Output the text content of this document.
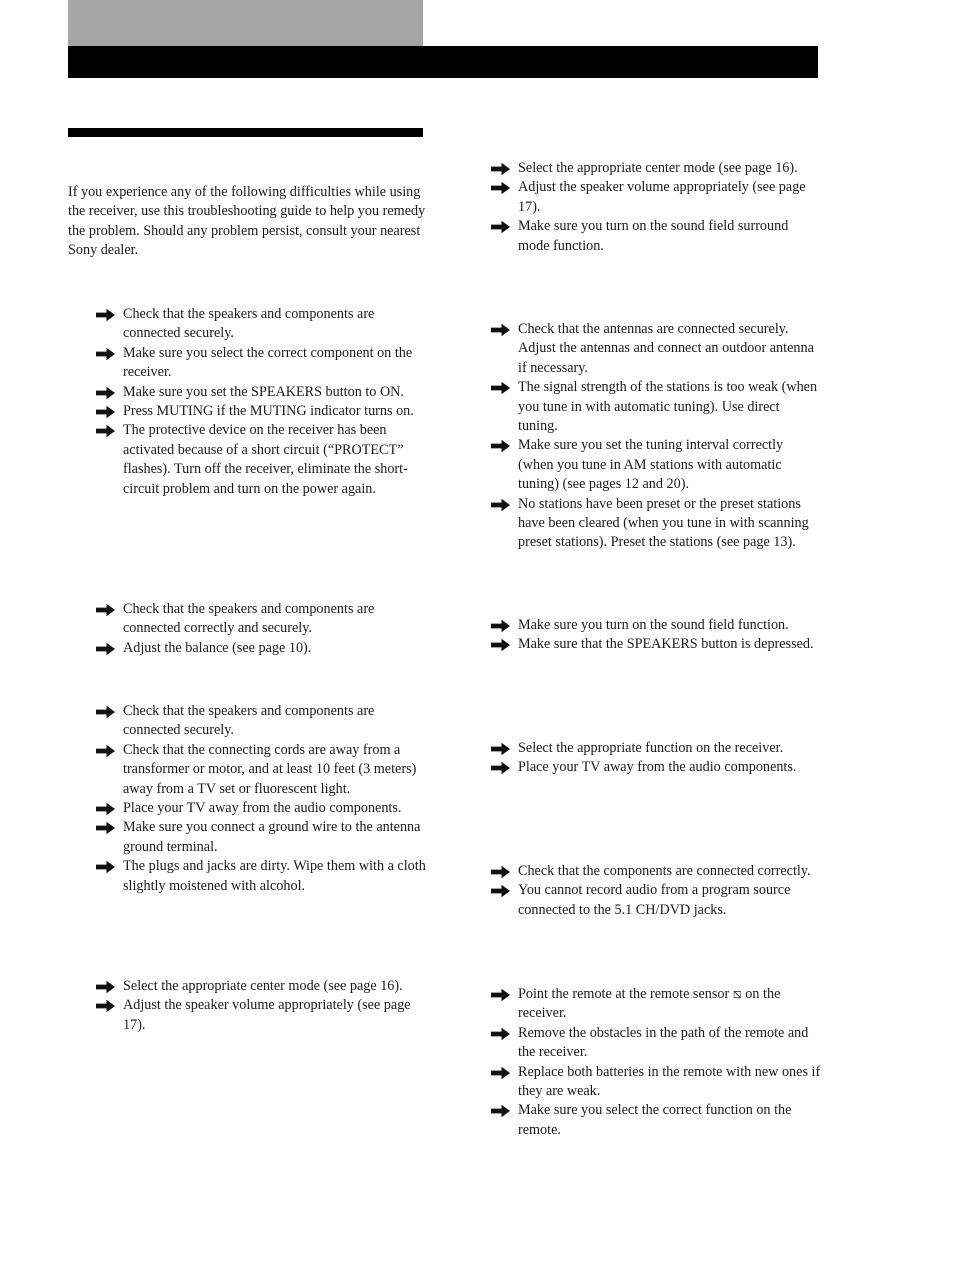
If you experience any of the following difficulties while using the receiver, use this troubleshooting guide to help you remedy the problem. Should any problem persist, consult your nearest Sony dealer.

Check that the speakers and components are connected securely.
Make sure you select the correct component on the receiver.
Make sure you set the SPEAKERS button to ON.
Press MUTING if the MUTING indicator turns on.
The protective device on the receiver has been activated because of a short circuit (“PROTECT” flashes). Turn off the receiver, eliminate the short-circuit problem and turn on the power again.
Check that the speakers and components are connected correctly and securely.
Adjust the balance (see page 10).
Check that the speakers and components are connected securely.
Check that the connecting cords are away from a transformer or motor, and at least 10 feet (3 meters) away from a TV set or fluorescent light.
Place your TV away from the audio components.
Make sure you connect a ground wire to the antenna ground terminal.
The plugs and jacks are dirty. Wipe them with a cloth slightly moistened with alcohol.
Select the appropriate center mode (see page 16).
Adjust the speaker volume appropriately (see page 17).
Select the appropriate center mode (see page 16).
Adjust the speaker volume appropriately (see page 17).
Make sure you turn on the sound field surround mode function.
Check that the antennas are connected securely. Adjust the antennas and connect an outdoor antenna if necessary.
The signal strength of the stations is too weak (when you tune in with automatic tuning). Use direct tuning.
Make sure you set the tuning interval correctly (when you tune in AM stations with automatic tuning) (see pages 12 and 20).
No stations have been preset or the preset stations have been cleared (when you tune in with scanning preset stations). Preset the stations (see page 13).
Make sure you turn on the sound field function.
Make sure that the SPEAKERS button is depressed.
Select the appropriate function on the receiver.
Place your TV away from the audio components.
Check that the components are connected correctly.
You cannot record audio from a program source connected to the 5.1 CH/DVD jacks.
Point the remote at the remote sensor ⧅ on the receiver.
Remove the obstacles in the path of the remote and the receiver.
Replace both batteries in the remote with new ones if they are weak.
Make sure you select the correct function on the remote.
